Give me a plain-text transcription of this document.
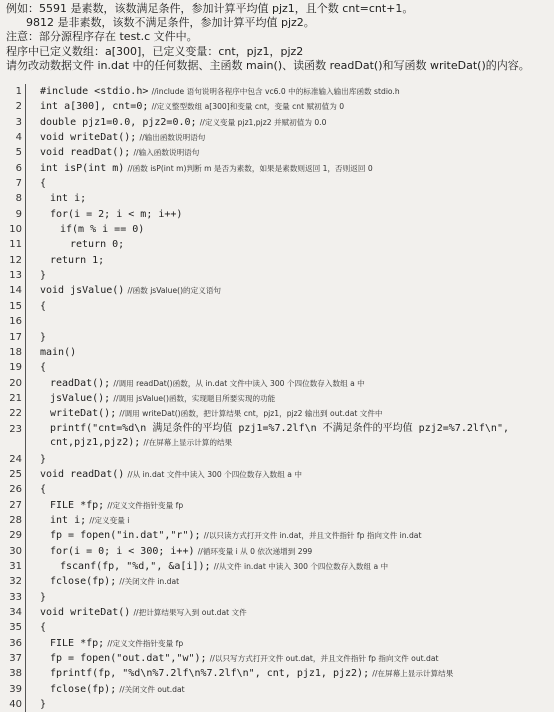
例如：5591 是素数，该数满足条件，参加计算平均值 pjz1，且个数 cnt=cnt+1。
9812 是非素数，该数不满足条件，参加计算平均值 pjz2。
注意：部分源程序存在 test.c 文件中。
程序中已定义数组：a[300]，已定义变量：cnt，pjz1，pjz2
请勿改动数据文件 in.dat 中的任何数据、主函数 main()、读函数 readDat()和写函数 writeDat()的内容。
1	#include <stdio.h> //include 语句说明各程序中包含 vc6.0 中的标准输入输出库函数 stdio.h
2	int a[300], cnt=0; //定义整型数组 a[300]和变量 cnt，变量 cnt 赋初值为 0
3	double pjz1=0.0, pjz2=0.0; //定义变量 pjz1,pjz2 并赋初值为 0.0
4	void writeDat(); //输出函数说明语句
5	void readDat(); //输入函数说明语句
6	int isP(int m) //函数 isP(int m)判断 m 是否为素数，如果是素数则返回 1，否则返回 0
7	{
8	int i;
9	for(i = 2; i < m; i++)
10	if(m % i == 0)
11	return 0;
12	return 1;
13	}
14	void jsValue() //函数 jsValue()的定义语句
15	{
16
17	}
18	main()
19	{
20	readDat(); //调用 readDat()函数，从 in.dat 文件中读入 300 个四位数存入数组 a 中
21	jsValue(); //调用 jsValue()函数，实现题目所要实现的功能
22	writeDat(); //调用 writeDat()函数，把计算结果 cnt，pjz1，pjz2 输出到 out.dat 文件中
23	printf("cnt=%d\n 满足条件的平均值 pzj1=%7.2lf\n 不满足条件的平均值 pzj2=%7.2lf\n", cnt,pjz1,pjz2); //在屏幕上显示计算的结果
24	}
25	void readDat() //从 in.dat 文件中读入 300 个四位数存入数组 a 中
26	{
27	FILE *fp; //定义文件指针变量 fp
28	int i; //定义变量 i
29	fp = fopen("in.dat","r"); //以只读方式打开文件 in.dat，并且文件指针 fp 指向文件 in.dat
30	for(i = 0; i < 300; i++) //循环变量 i 从 0 依次递增到 299
31	fscanf(fp, "%d,", &a[i]); //从文件 in.dat 中读入 300 个四位数存入数组 a 中
32	fclose(fp); //关闭文件 in.dat
33	}
34	void writeDat() //把计算结果写入到 out.dat 文件
35	{
36	FILE *fp; //定义文件指针变量 fp
37	fp = fopen("out.dat","w"); //以只写方式打开文件 out.dat，并且文件指针 fp 指向文件 out.dat
38	fprintf(fp, "%d\n%7.2lf\n%7.2lf\n", cnt, pjz1, pjz2); //在屏幕上显示计算结果
39	fclose(fp); //关闭文件 out.dat
40	}
